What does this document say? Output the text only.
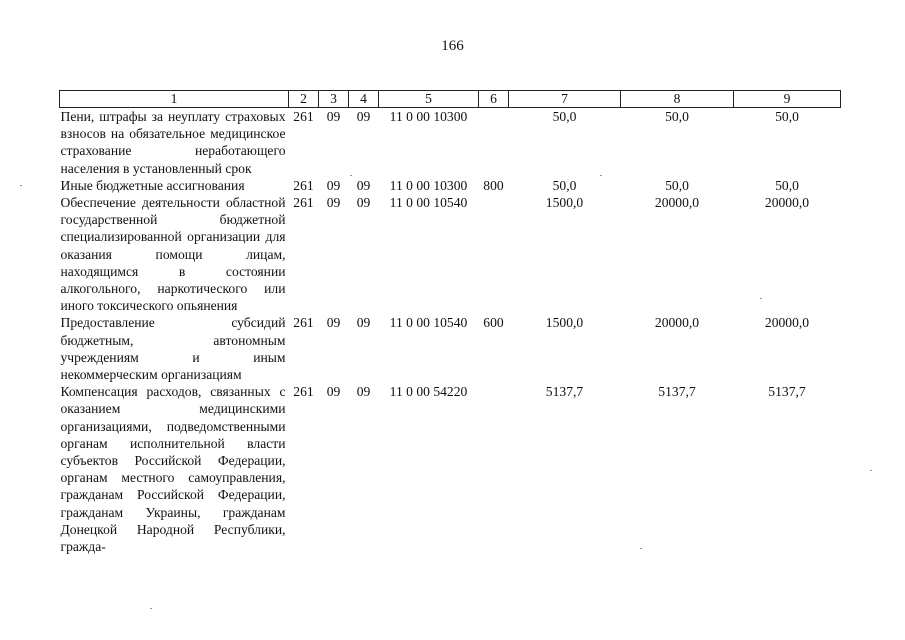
166
1	2	3	4	5	6	7	8	9
Пени, штрафы за неуплату страховых взносов на обязательное медицинское страхование неработающего населения в установленный срок	261	09	09	11 0 00 10300		50,0	50,0	50,0
Иные бюджетные ассигнования	261	09	09	11 0 00 10300	800	50,0	50,0	50,0
Обеспечение деятельности областной государственной бюджетной специализированной организации для оказания помощи лицам, находящимся в состоянии алкогольного, наркотического или иного токсического опьянения	261	09	09	11 0 00 10540		1500,0	20000,0	20000,0
Предоставление субсидий бюджетным, автономным учреждениям и иным некоммерческим организациям	261	09	09	11 0 00 10540	600	1500,0	20000,0	20000,0
Компенсация расходов, связанных с оказанием медицинскими организациями, подведомственными органам исполнительной власти субъектов Российской Федерации, органам местного самоуправления, гражданам Российской Федерации, гражданам Украины, гражданам Донецкой Народной Республики, гражда-	261	09	09	11 0 00 54220		5137,7	5137,7	5137,7
